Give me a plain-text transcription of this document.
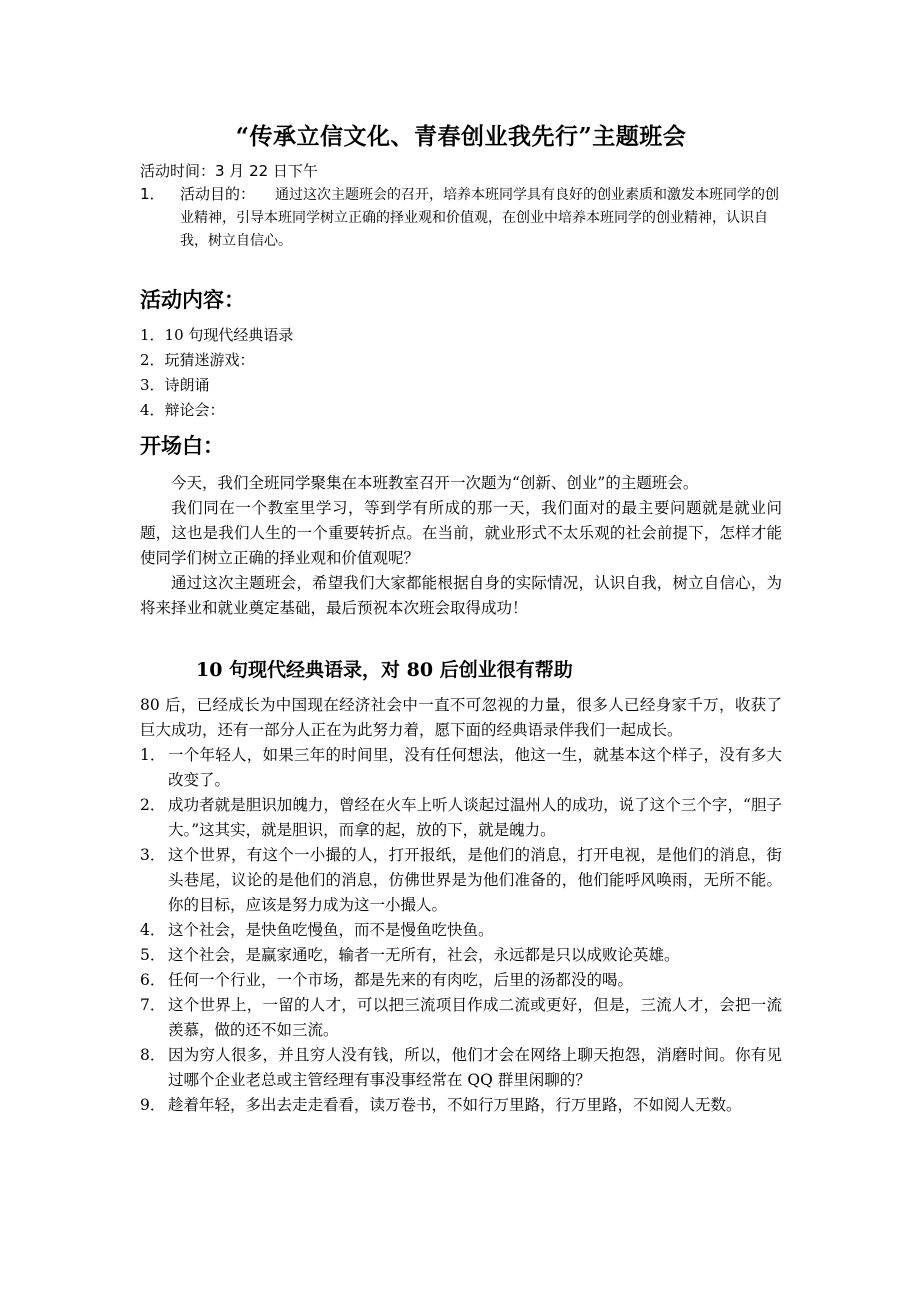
“传承立信文化、青春创业我先行”主题班会

活动时间：3 月 22 日下午

1． 活动目的： 通过这次主题班会的召开，培养本班同学具有良好的创业素质和激发本班同学的创业精神，引导本班同学树立正确的择业观和价值观，在创业中培养本班同学的创业精神，认识自我，树立自信心。
活动内容：
1．10 句现代经典语录
2．玩猜迷游戏：
3．诗朗诵
4．辩论会：
开场白：

今天，我们全班同学聚集在本班教室召开一次题为“创新、创业”的主题班会。

我们同在一个教室里学习，等到学有所成的那一天，我们面对的最主要问题就是就业问题，这也是我们人生的一个重要转折点。在当前，就业形式不太乐观的社会前提下，怎样才能使同学们树立正确的择业观和价值观呢？

通过这次主题班会，希望我们大家都能根据自身的实际情况，认识自我，树立自信心，为将来择业和就业奠定基础，最后预祝本次班会取得成功！

10 句现代经典语录，对 80 后创业很有帮助

80 后，已经成长为中国现在经济社会中一直不可忽视的力量，很多人已经身家千万，收获了巨大成功，还有一部分人正在为此努力着，愿下面的经典语录伴我们一起成长。

1． 一个年轻人，如果三年的时间里，没有任何想法，他这一生，就基本这个样子，没有多大改变了。
2． 成功者就是胆识加魄力，曾经在火车上听人谈起过温州人的成功，说了这个三个字，“胆子大。”这其实，就是胆识，而拿的起，放的下，就是魄力。
3． 这个世界，有这个一小撮的人，打开报纸，是他们的消息，打开电视，是他们的消息，街头巷尾，议论的是他们的消息，仿佛世界是为他们准备的，他们能呼风唤雨，无所不能。你的目标，应该是努力成为这一小撮人。
4． 这个社会，是快鱼吃慢鱼，而不是慢鱼吃快鱼。
5． 这个社会，是赢家通吃，输者一无所有，社会，永远都是只以成败论英雄。
6． 任何一个行业，一个市场，都是先来的有肉吃，后里的汤都没的喝。
7． 这个世界上，一留的人才，可以把三流项目作成二流或更好，但是，三流人才，会把一流羡慕，做的还不如三流。
8． 因为穷人很多，并且穷人没有钱，所以，他们才会在网络上聊天抱怨，消磨时间。你有见过哪个企业老总或主管经理有事没事经常在 QQ 群里闲聊的？
9． 趁着年轻，多出去走走看看，读万卷书，不如行万里路，行万里路，不如阅人无数。
